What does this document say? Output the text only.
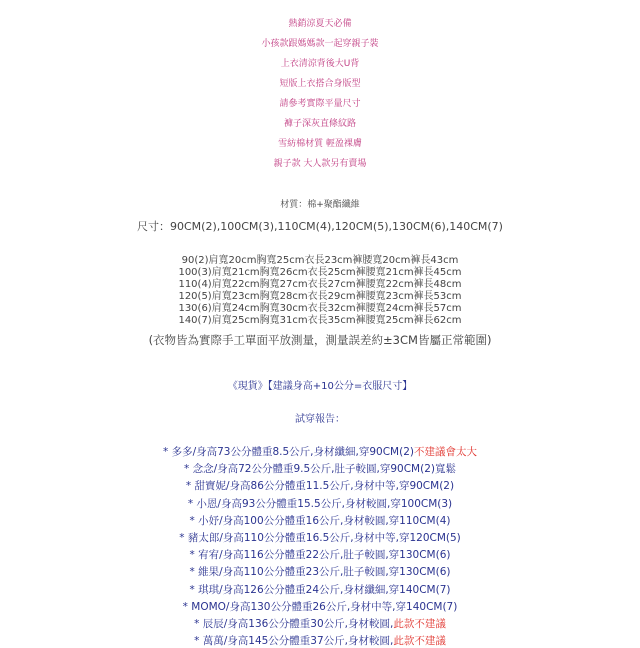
熱銷涼夏天必備
小孩款跟媽媽款一起穿親子裝
上衣清涼背後大U背
短版上衣搭合身版型
請參考實際平量尺寸
褲子深灰直條紋路
雪紡棉材質 輕盈裸膚
親子款 大人款另有賣場
材質：棉+聚酯纖維
尺寸：90CM(2),100CM(3),110CM(4),120CM(5),130CM(6),140CM(7)
90(2)肩寬20cm胸寬25cm衣長23cm褲腰寬20cm褲長43cm
100(3)肩寬21cm胸寬26cm衣長25cm褲腰寬21cm褲長45cm
110(4)肩寬22cm胸寬27cm衣長27cm褲腰寬22cm褲長48cm
120(5)肩寬23cm胸寬28cm衣長29cm褲腰寬23cm褲長53cm
130(6)肩寬24cm胸寬30cm衣長32cm褲腰寬24cm褲長57cm
140(7)肩寬25cm胸寬31cm衣長35cm褲腰寬25cm褲長62cm
(衣物皆為實際手工單面平放測量，測量誤差約±3CM皆屬正常範圍)
《現貨》【建議身高+10公分=衣服尺寸】
試穿報告：
* 多多/身高73公分體重8.5公斤,身材纖細,穿90CM(2)不建議會太大
* 念念/身高72公分體重9.5公斤,肚子較圓,穿90CM(2)寬鬆
* 甜寶妮/身高86公分體重11.5公斤,身材中等,穿90CM(2)
* 小恩/身高93公分體重15.5公斤,身材較圓,穿100CM(3)
* 小妤/身高100公分體重16公斤,身材較圓,穿110CM(4)
* 豬太郎/身高110公分體重16.5公斤,身材中等,穿120CM(5)
* 宥宥/身高116公分體重22公斤,肚子較圓,穿130CM(6)
* 維果/身高110公分體重23公斤,肚子較圓,穿130CM(6)
* 琪琪/身高126公分體重24公斤,身材纖細,穿140CM(7)
* MOMO/身高130公分體重26公斤,身材中等,穿140CM(7)
* 辰辰/身高136公分體重30公斤,身材較圓,此款不建議
* 萬萬/身高145公分體重37公斤,身材較圓,此款不建議
